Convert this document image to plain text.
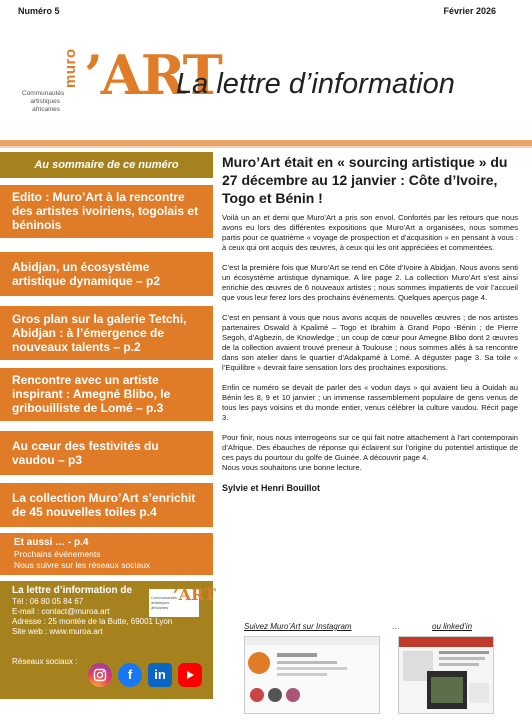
Numéro 5	Février 2026
Communautés artistiques africaines
muro ’ART
La lettre d’information
Au sommaire de ce numéro
Edito : Muro’Art à la rencontre des artistes ivoiriens, togolais et béninois
Abidjan, un écosystème artistique dynamique – p2
Gros plan sur la galerie Tetchi, Abidjan : à l’émergence de nouveaux talents – p.2
Rencontre avec un artiste inspirant : Amegné Blibo, le gribouilliste de Lomé – p.3
Au cœur des festivités du vaudou – p3
La collection Muro’Art s’enrichit de 45 nouvelles toiles p.4
Et aussi … - p.4
Prochains événements
Nous suivre sur les réseaux sociaux
La lettre d’information de
Tél : 06 80 05 84 67
E-mail : contact@muroa.art
Adresse : 25 montée de la Butte, 69001 Lyon
Site web : www.muroa.art
Communautés artistiques africaines
’ART
Réseaux sociaux :
f	in
Muro’Art était en « sourcing artistique » du 27 décembre au 12 janvier : Côte d’Ivoire, Togo et Bénin !

Voilà un an et demi que Muro’Art a pris son envol. Confortés par les retours que nous avons eu lors des différentes expositions que Muro’Art a organisées, nous sommes partis pour ce quatrième « voyage de prospection et d’acquisition » en pensant à vous : à ceux qui ont acquis des œuvres, à ceux qui les ont appréciées et commentées.

C’est la première fois que Muro’Art se rend en Côte d’Ivoire à Abidjan. Nous avons senti un écosystème artistique dynamique. A lire page 2. La collection Muro’Art s’est ainsi enrichie des œuvres de 6 nouveaux artistes ; nous sommes impatients de voir l’accueil que vous leur ferez lors des prochains événements. Quelques aperçus page 4.

C’est en pensant à vous que nous avons acquis de nouvelles œuvres ; de nos artistes partenaires Oswald à Kpalimé – Togo et Ibrahim à Grand Popo -Bénin ; de Pierre Segoh, d’Agbezin, de Knowledge ; un coup de cœur pour Amegne Blibo dont 2 œuvres de la collection avaient trouvé preneur à Toulouse ; nous sommes allés à sa rencontre dans son atelier dans le quartier d’Adakpamé à Lomé. A déguster page 3. Sa toile « l’Equilibre » devrait faire sensation lors des prochaines expositions.

Enfin ce numéro se devait de parler des « vodun days » qui avaient lieu à Ouidah au Bénin les 8, 9 et 10 janvier ; un immense rassemblement populaire de gens venus de tous les pays voisins et du monde entier, venus célébrer la culture vaudou. Récit page 3.

Pour finir, nous nous interrogeons sur ce qui fait notre attachement à l’art contemporain d’Afrique. Des ébauches de réponse qui éclairent sur l’origine du potentiel artistique de ces pays du pourtour du golfe de Guinée. A découvrir page 4.
Nous vous souhaitons une bonne lecture.

Sylvie et Henri Bouillot
Suivez Muro’Art sur Instagram	…	ou linked’in
